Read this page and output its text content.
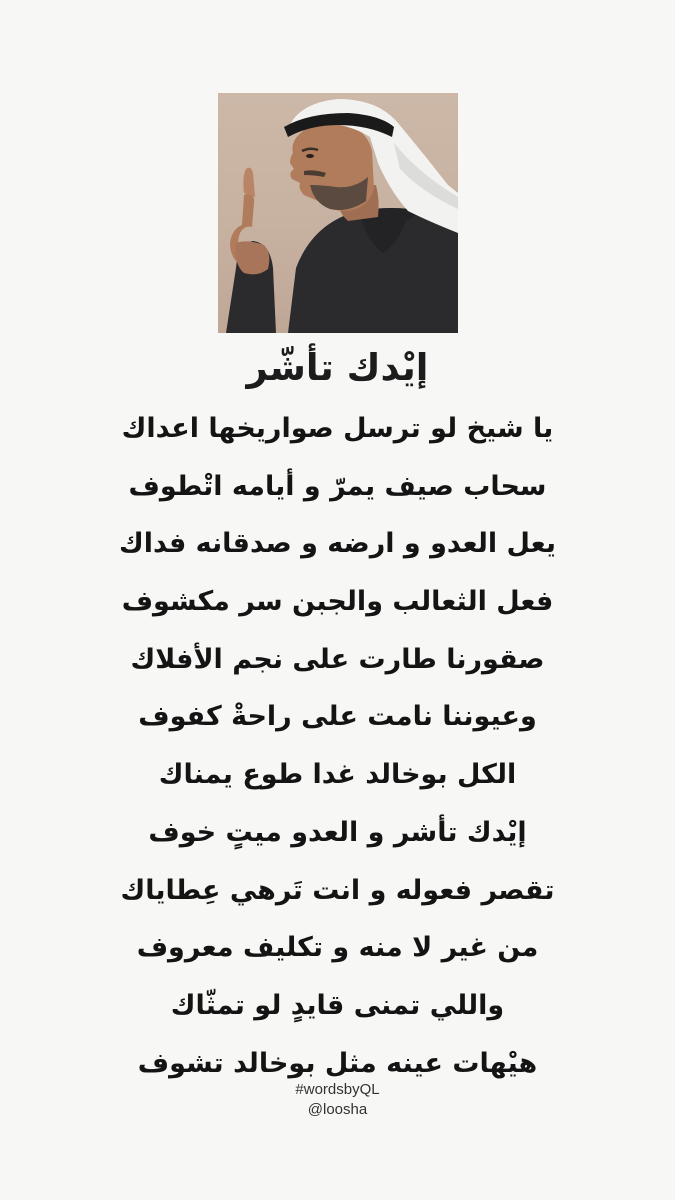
إيْدك تأشّر
يا شيخ لو ترسل صواريخها اعداك
سحاب صيف يمرّ و أيامه اتْطوف
يعل العدو و ارضه و صدقانه فداك
فعل الثعالب والجبن سر مكشوف
صقورنا طارت على نجم الأفلاك
وعيوننا نامت على راحةْ كفوف
الكل بوخالد غدا طوع يمناك
إيْدك تأشر و العدو ميتٍ خوف
تقصر فعوله و انت تَرهي عِطاياك
من غير لا منه و تكليف معروف
واللي تمنى قايدٍ لو تمثّاك
هيْهات عينه مثل بوخالد تشوف
#wordsbyQL
@loosha
